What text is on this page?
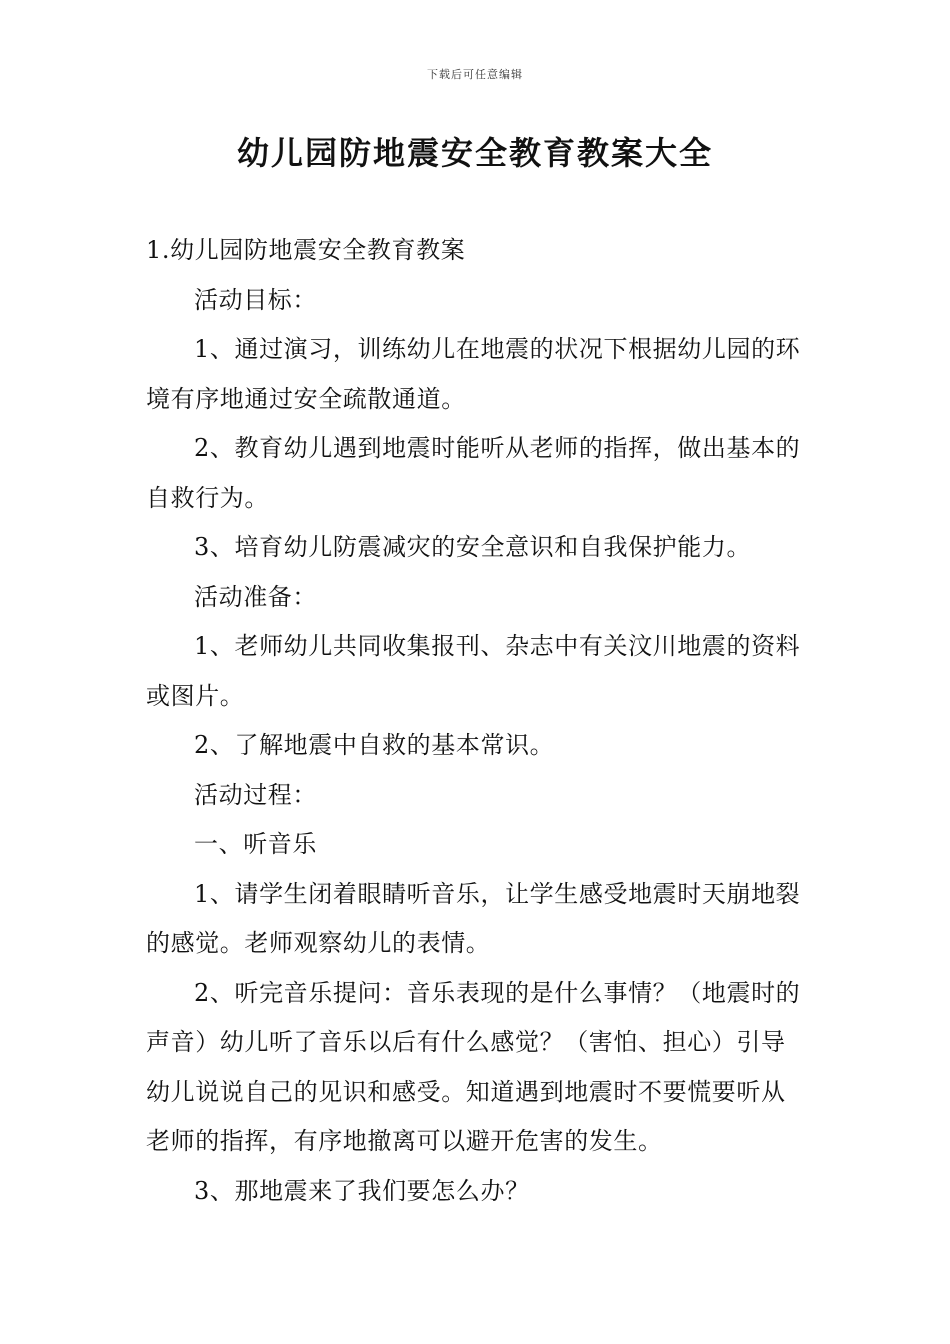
下载后可任意编辑
幼儿园防地震安全教育教案大全

1.幼儿园防地震安全教育教案

活动目标：

1、通过演习，训练幼儿在地震的状况下根据幼儿园的环境有序地通过安全疏散通道。

2、教育幼儿遇到地震时能听从老师的指挥，做出基本的自救行为。

3、培育幼儿防震减灾的安全意识和自我保护能力。

活动准备：

1、老师幼儿共同收集报刊、杂志中有关汶川地震的资料或图片。

2、了解地震中自救的基本常识。

活动过程：

一、听音乐

1、请学生闭着眼睛听音乐，让学生感受地震时天崩地裂的感觉。老师观察幼儿的表情。

2、听完音乐提问：音乐表现的是什么事情？（地震时的声音）幼儿听了音乐以后有什么感觉？（害怕、担心）引导幼儿说说自己的见识和感受。知道遇到地震时不要慌要听从老师的指挥，有序地撤离可以避开危害的发生。

3、那地震来了我们要怎么办？
